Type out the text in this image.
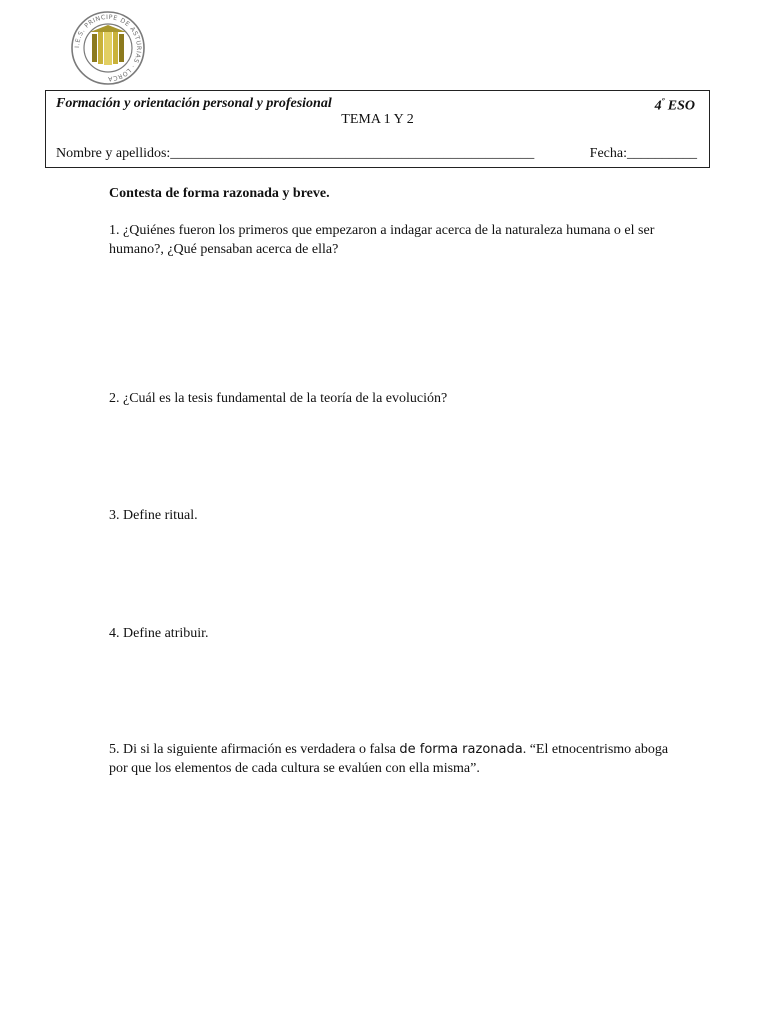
I.E.S. PRINCIPE DE ASTURIAS · LORCA
Formación y orientación personal y profesional	$4^º$ ESO
TEMA 1 Y 2
Nombre y apellidos:____________________________________________________	Fecha:__________
Contesta de forma razonada y breve.
1. ¿Quiénes fueron los primeros que empezaron a indagar acerca de la naturaleza humana o el ser humano?, ¿Qué pensaban acerca de ella?
2. ¿Cuál es la tesis fundamental de la teoría de la evolución?
3. Define ritual.
4. Define atribuir.
5. Di si la siguiente afirmación es verdadera o falsa de forma razonada. “El etnocentrismo aboga por que los elementos de cada cultura se evalúen con ella misma”.
